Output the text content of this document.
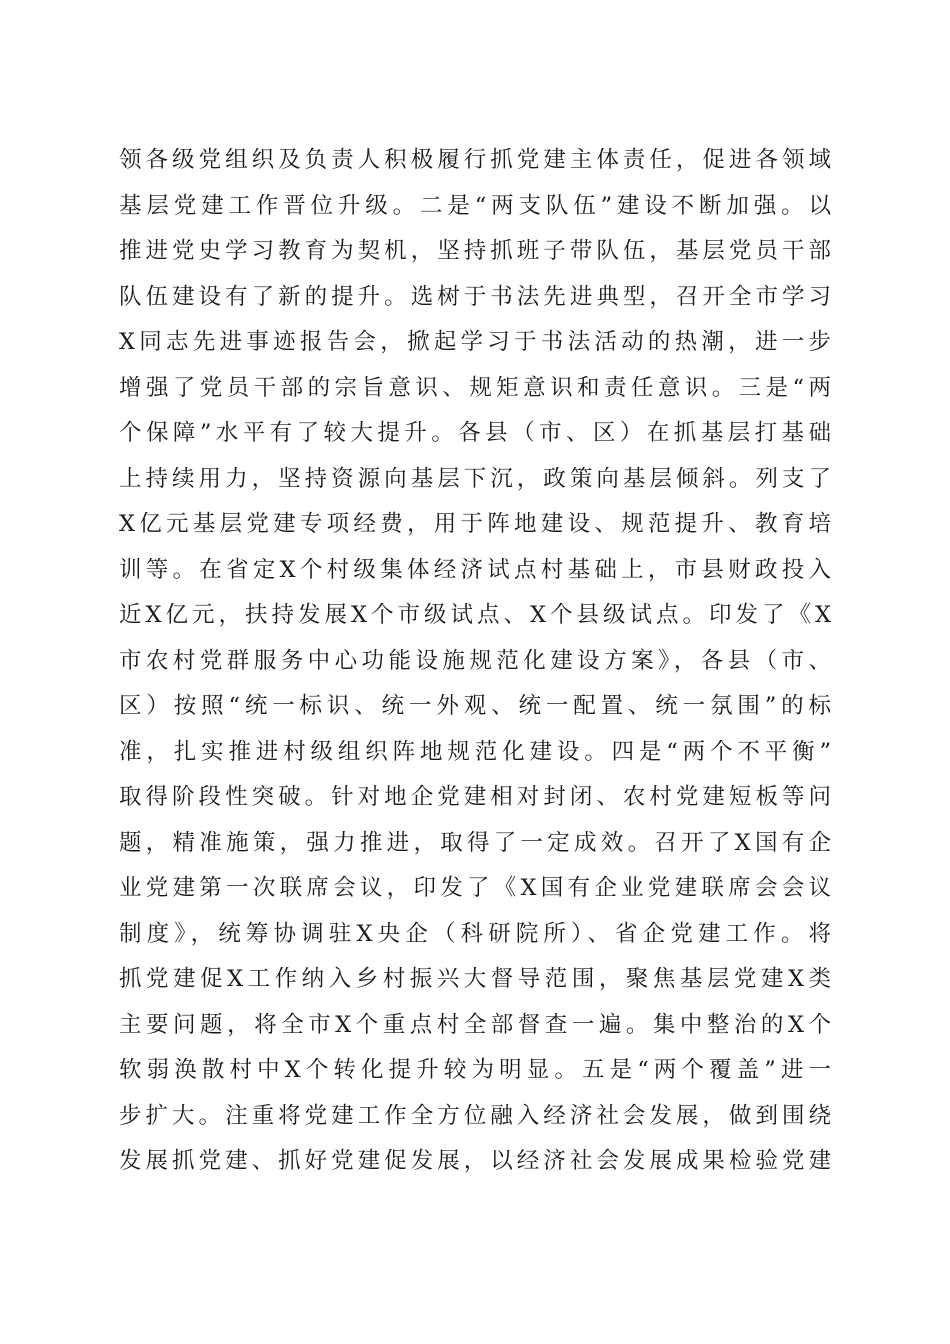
领各级党组织及负责人积极履行抓党建主体责任，促进各领域
基层党建工作晋位升级。二是“两支队伍”建设不断加强。以
推进党史学习教育为契机，坚持抓班子带队伍，基层党员干部
队伍建设有了新的提升。选树于书法先进典型，召开全市学习
X同志先进事迹报告会，掀起学习于书法活动的热潮，进一步
增强了党员干部的宗旨意识、规矩意识和责任意识。三是“两
个保障”水平有了较大提升。各县（市、区）在抓基层打基础
上持续用力，坚持资源向基层下沉，政策向基层倾斜。列支了
X亿元基层党建专项经费，用于阵地建设、规范提升、教育培
训等。在省定X个村级集体经济试点村基础上，市县财政投入
近X亿元，扶持发展X个市级试点、X个县级试点。印发了《X
市农村党群服务中心功能设施规范化建设方案》，各县（市、
区）按照“统一标识、统一外观、统一配置、统一氛围”的标
准，扎实推进村级组织阵地规范化建设。四是“两个不平衡”
取得阶段性突破。针对地企党建相对封闭、农村党建短板等问
题，精准施策，强力推进，取得了一定成效。召开了X国有企
业党建第一次联席会议，印发了《X国有企业党建联席会会议
制度》，统筹协调驻X央企（科研院所）、省企党建工作。将
抓党建促X工作纳入乡村振兴大督导范围，聚焦基层党建X类
主要问题，将全市X个重点村全部督查一遍。集中整治的X个
软弱涣散村中X个转化提升较为明显。五是“两个覆盖”进一
步扩大。注重将党建工作全方位融入经济社会发展，做到围绕
发展抓党建、抓好党建促发展，以经济社会发展成果检验党建
